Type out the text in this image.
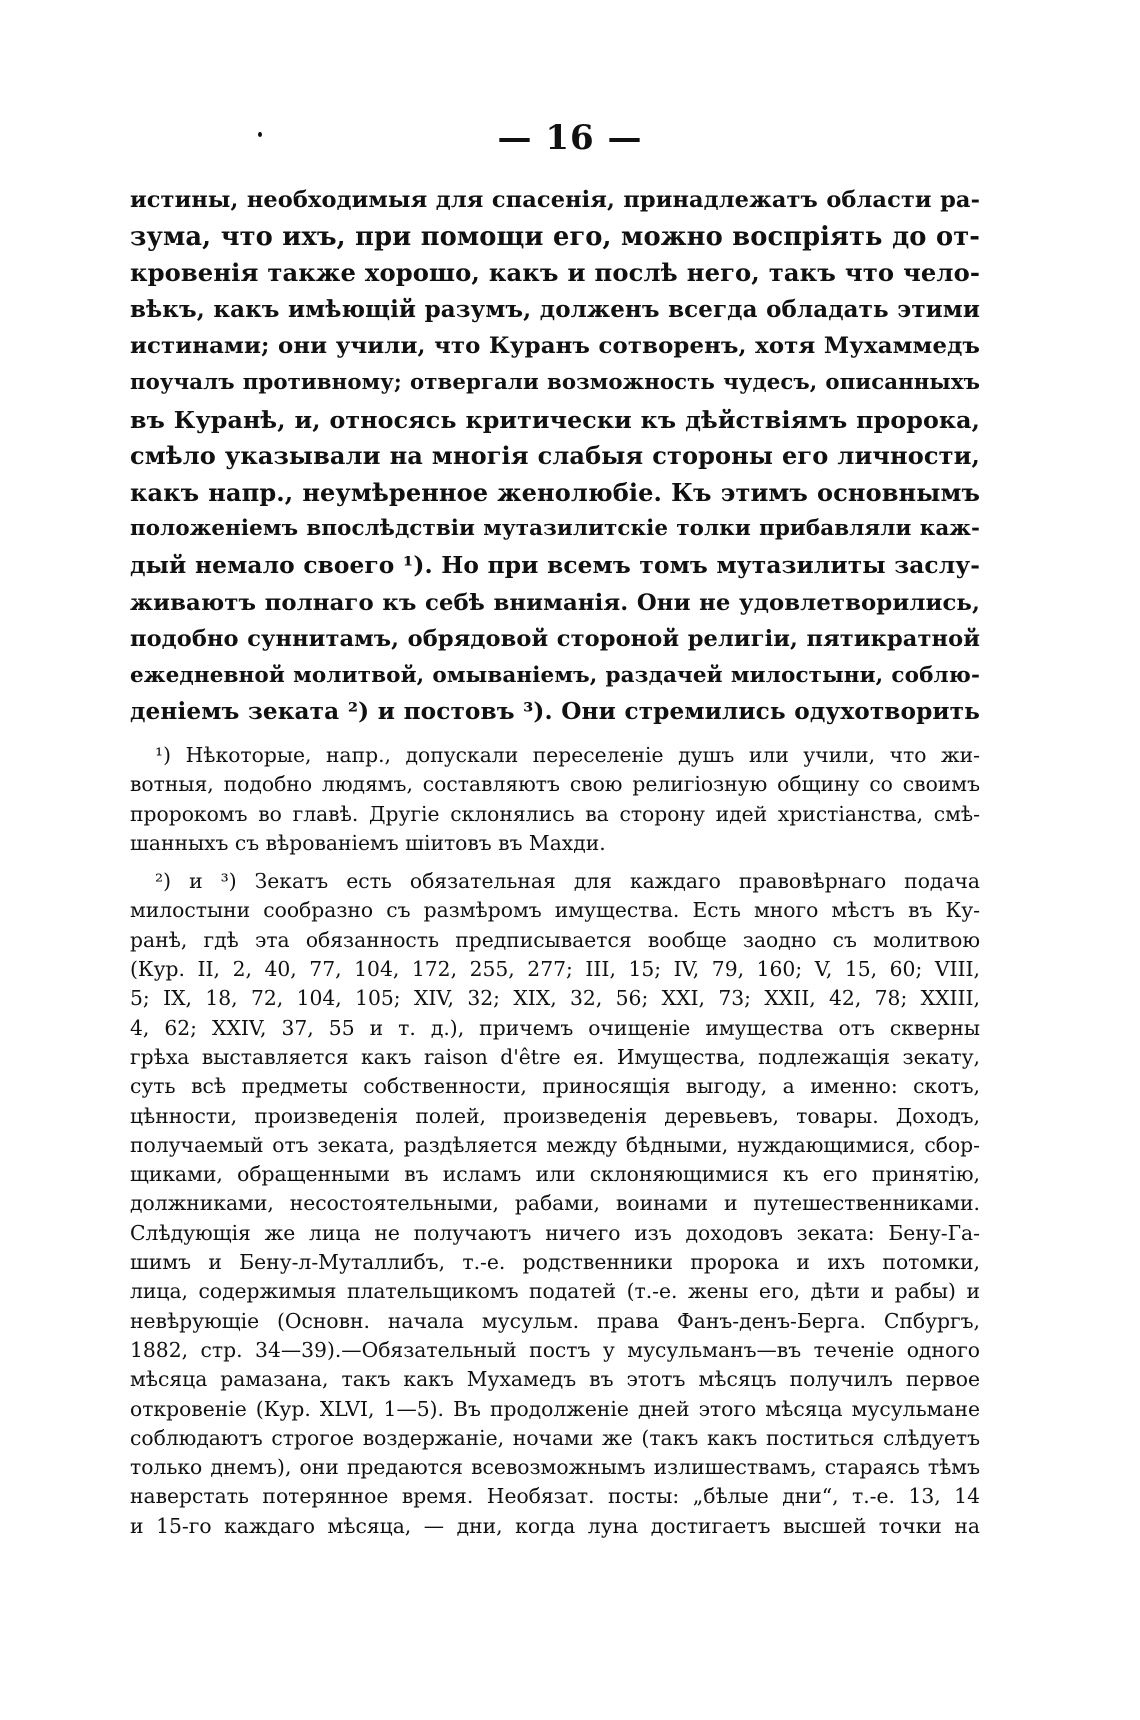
— 16 —
истины, необходимыя для спасенія, принадлежатъ области ра-
зума, что ихъ, при помощи его, можно воспріять до от-
кровенія также хорошо, какъ и послѣ него, такъ что чело-
вѣкъ, какъ имѣющій разумъ, долженъ всегда обладать этими
истинами; они учили, что Куранъ сотворенъ, хотя Мухаммедъ
поучалъ противному; отвергали возможность чудесъ, описанныхъ
въ Куранѣ, и, относясь критически къ дѣйствіямъ пророка,
смѣло указывали на многія слабыя стороны его личности,
какъ напр., неумѣренное женолюбіе. Къ этимъ основнымъ
положеніемъ впослѣдствіи мутазилитскіе толки прибавляли каж-
дый немало своего ¹). Но при всемъ томъ мутазилиты заслу-
живаютъ полнаго къ себѣ вниманія. Они не удовлетворились,
подобно суннитамъ, обрядовой стороной религіи, пятикратной
ежедневной молитвой, омываніемъ, раздачей милостыни, соблю-
деніемъ зеката ²) и постовъ ³). Они стремились одухотворить
¹) Нѣкоторые, напр., допускали переселеніе душъ или учили, что жи-
вотныя, подобно людямъ, составляютъ свою религіозную общину со своимъ
пророкомъ во главѣ. Другіе склонялись ва сторону идей христіанства, смѣ-
шанныхъ съ вѣрованіемъ шіитовъ въ Махди.
²) и ³) Зекатъ есть обязательная для каждаго правовѣрнаго подача
милостыни сообразно съ размѣромъ имущества. Есть много мѣстъ въ Ку-
ранѣ, гдѣ эта обязанность предписывается вообще заодно съ молитвою
(Кур. II, 2, 40, 77, 104, 172, 255, 277; III, 15; IV, 79, 160; V, 15, 60; VIII,
5; IX, 18, 72, 104, 105; XIV, 32; XIX, 32, 56; XXI, 73; XXII, 42, 78; XXIII,
4, 62; XXIV, 37, 55 и т. д.), причемъ очищеніе имущества отъ скверны
грѣха выставляется какъ raison d'être ея. Имущества, подлежащія зекату,
суть всѣ предметы собственности, приносящія выгоду, а именно: скотъ,
цѣнности, произведенія полей, произведенія деревьевъ, товары. Доходъ,
получаемый отъ зеката, раздѣляется между бѣдными, нуждающимися, сбор-
щиками, обращенными въ исламъ или склоняющимися къ его принятію,
должниками, несостоятельными, рабами, воинами и путешественниками.
Слѣдующія же лица не получаютъ ничего изъ доходовъ зеката: Бену-Га-
шимъ и Бену-л-Муталлибъ, т.-е. родственники пророка и ихъ потомки,
лица, содержимыя плательщикомъ податей (т.-е. жены его, дѣти и рабы) и
невѣрующіе (Основн. начала мусульм. права Фанъ-денъ-Берга. Спбургъ,
1882, стр. 34—39).—Обязательный постъ у мусульманъ—въ теченіе одного
мѣсяца рамазана, такъ какъ Мухамедъ въ этотъ мѣсяцъ получилъ первое
откровеніе (Кур. XLVI, 1—5). Въ продолженіе дней этого мѣсяца мусульмане
соблюдаютъ строгое воздержаніе, ночами же (такъ какъ поститься слѣдуетъ
только днемъ), они предаются всевозможнымъ излишествамъ, стараясь тѣмъ
наверстать потерянное время. Необязат. посты: „бѣлые дни“, т.-е. 13, 14
и 15-го каждаго мѣсяца, — дни, когда луна достигаетъ высшей точки на
